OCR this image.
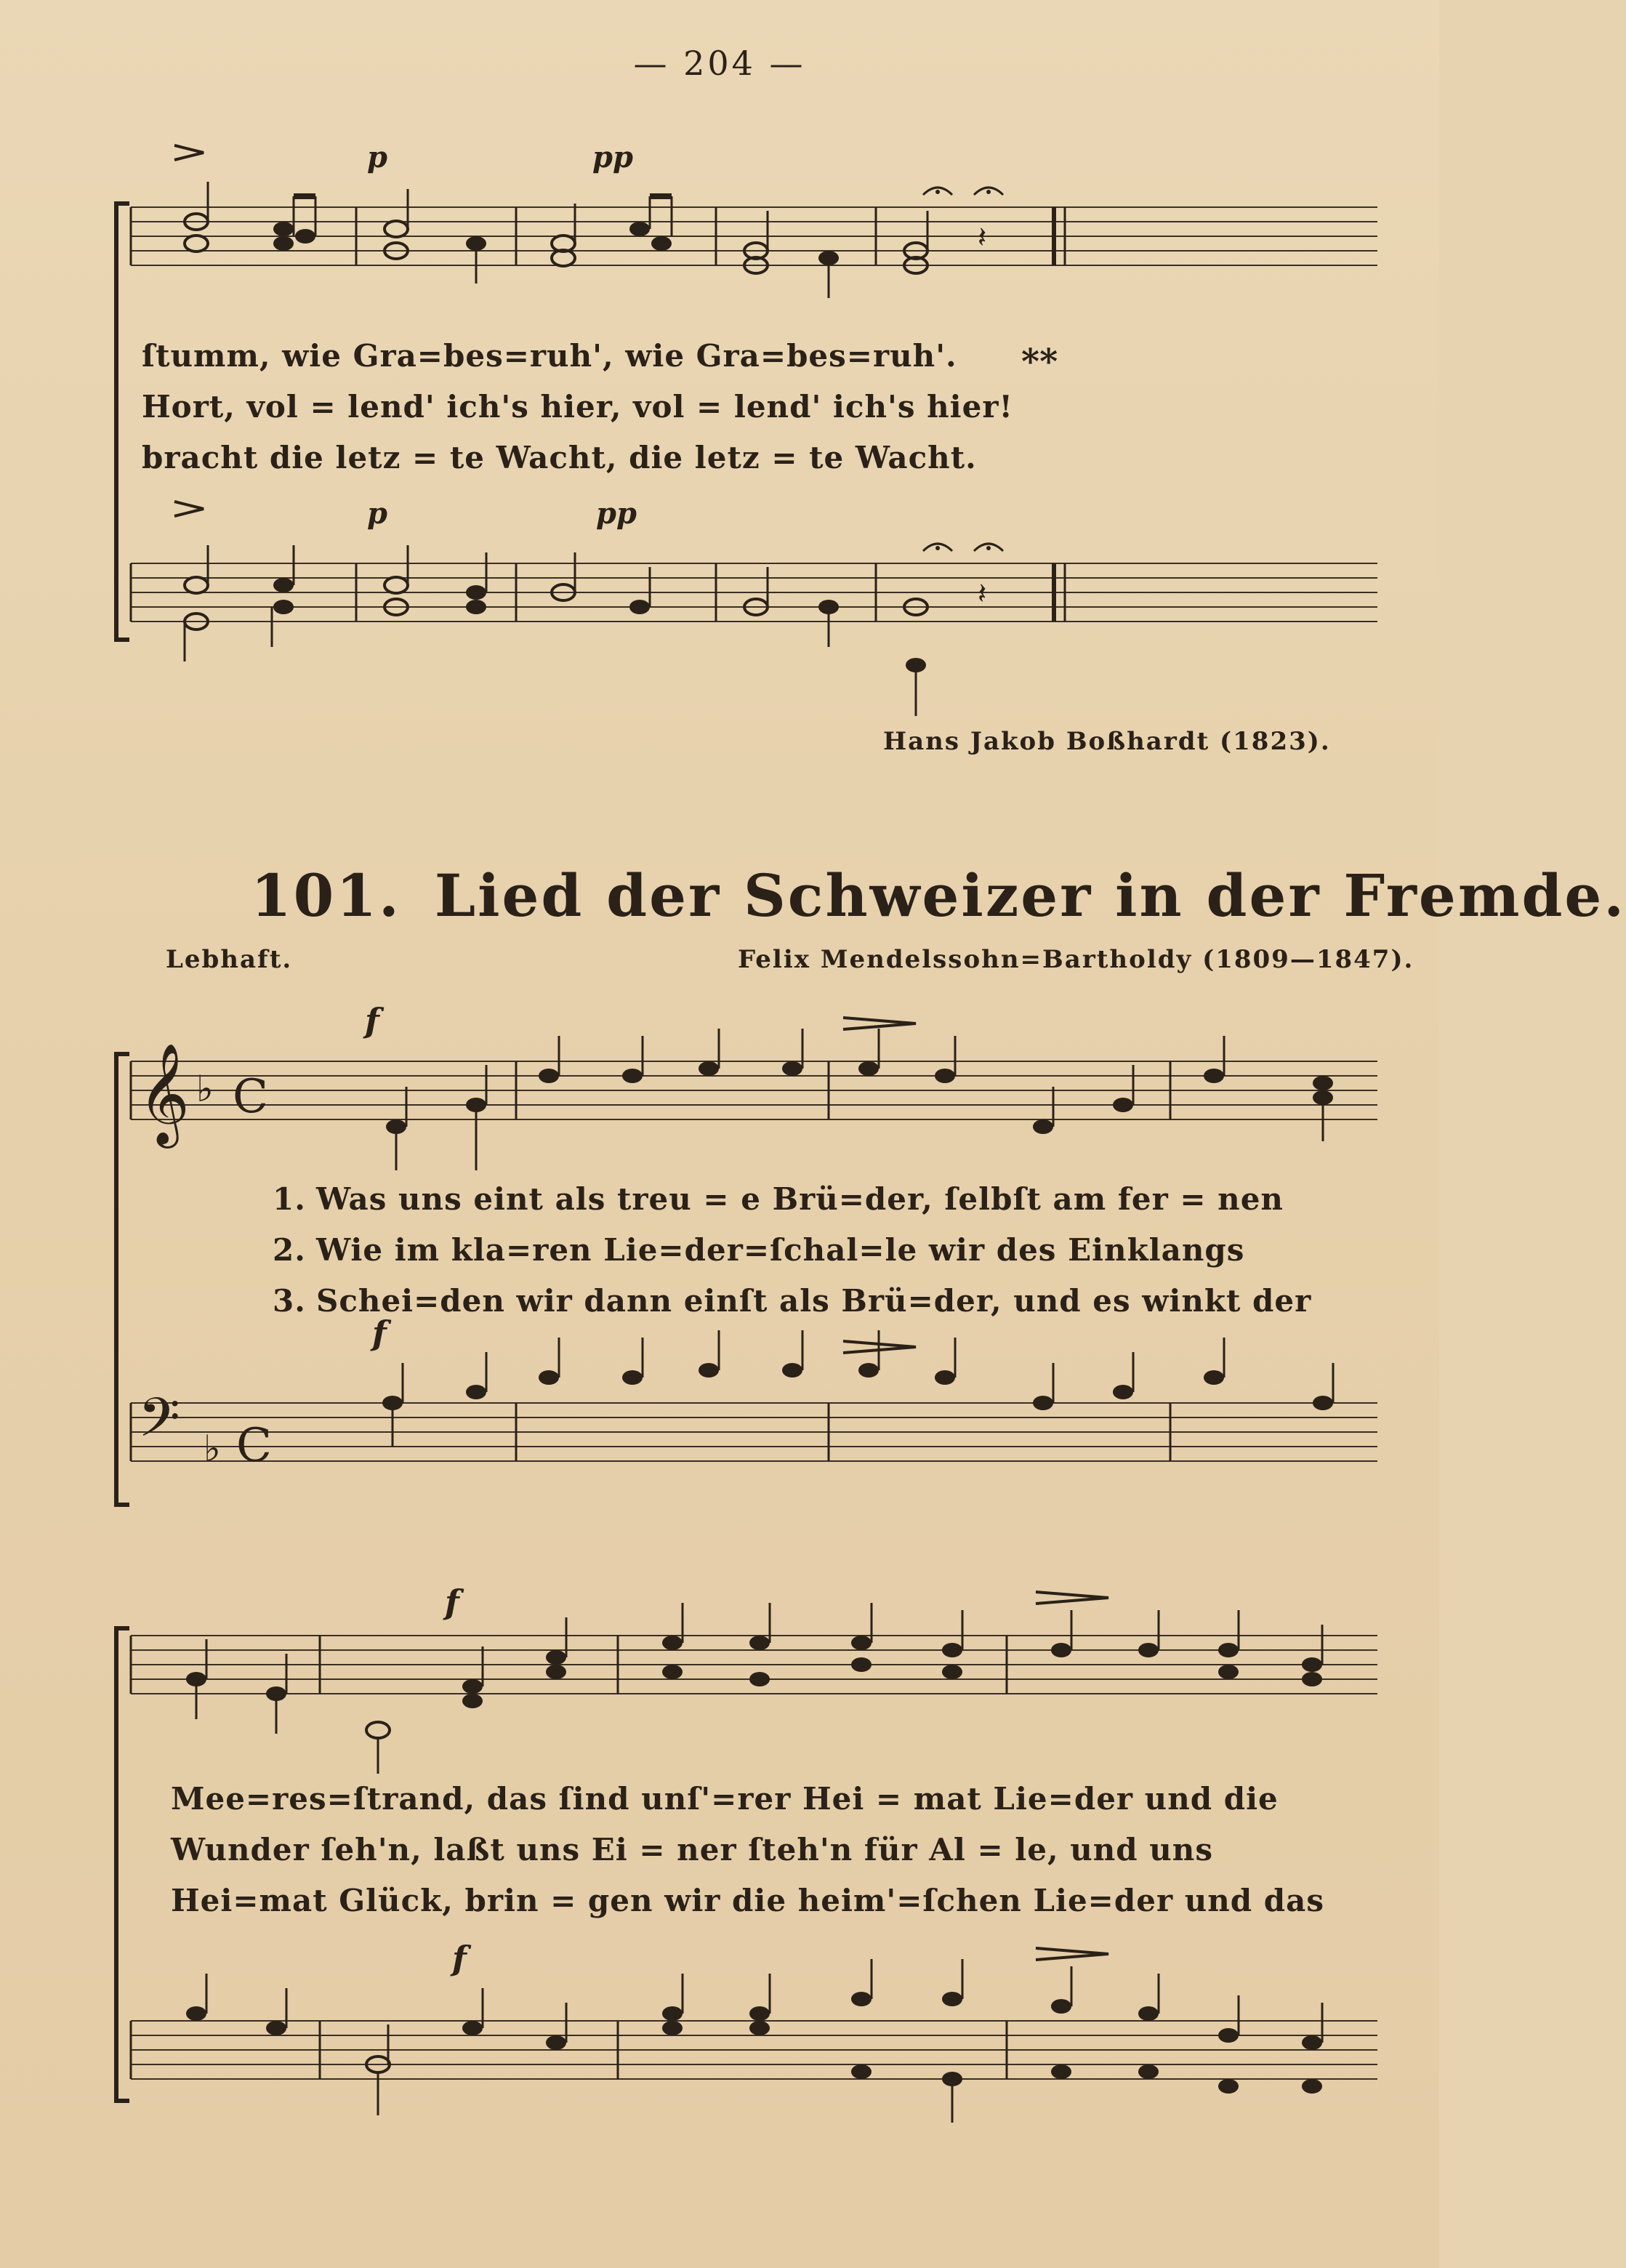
— 204 —
𝄽
p	pp
𝄽
p	pp
ſtumm, wie Gra=bes=ruh', wie Gra=bes=ruh'.
Hort, vol = lend' ich's hier, vol = lend' ich's hier!
bracht die letz = te Wacht, die letz = te Wacht.
**
Hans Jakob Boßhardt (1823).
101. Lied der Schweizer in der Fremde.
Lebhaft.	Felix Mendelssohn=Bartholdy (1809—1847).
𝄞 ♭ C
f
𝄢 ♭ C
f
1. Was uns eint als treu = e Brü=der, ſelbſt am fer = nen
2. Wie im kla=ren Lie=der=ſchal=le wir des Einklangs
3. Schei=den wir dann einſt als Brü=der, und es winkt der
f
f
Mee=res=ſtrand, das ſind unſ'=rer Hei = mat Lie=der und die
Wunder ſeh'n, laßt uns Ei = ner ſteh'n für Al = le, und uns
Hei=mat Glück, brin = gen wir die heim'=ſchen Lie=der und das
